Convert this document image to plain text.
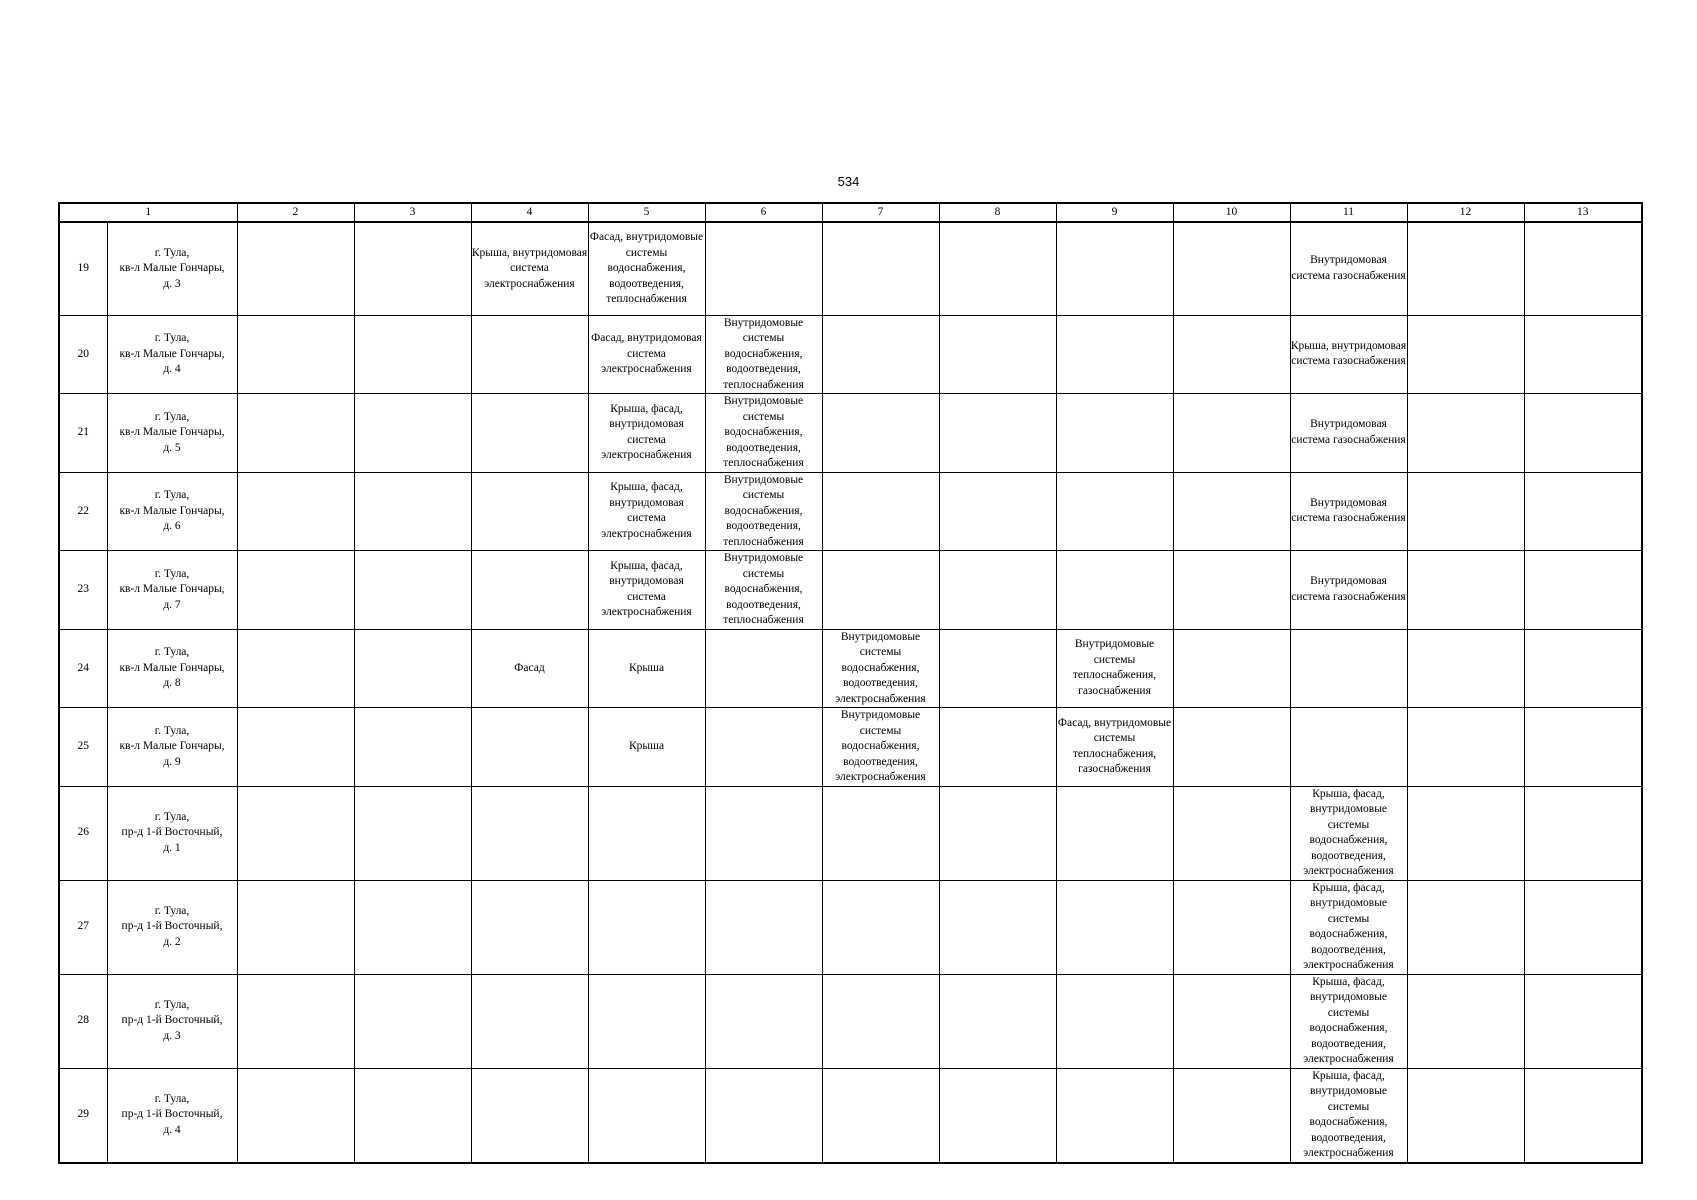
534
1		2	3	4	5	6	7	8	9	10	11	12	13
19	г. Тула,
кв-л Малые Гончары,
д. 3			Крыша, внутридомовая система электроснабжения	Фасад, внутридомовые системы водоснабжения, водоотведения, теплоснабжения						Внутридомовая система газоснабжения		

20	г. Тула,
кв-л Малые Гончары,
д. 4				Фасад, внутридомовая система электроснабжения	Внутридомовые системы водоснабжения, водоотведения, теплоснабжения					Крыша, внутридомовая система газоснабжения		

21	г. Тула,
кв-л Малые Гончары,
д. 5				Крыша, фасад, внутридомовая система электроснабжения	Внутридомовые системы водоснабжения, водоотведения, теплоснабжения					Внутридомовая система газоснабжения		

22	г. Тула,
кв-л Малые Гончары,
д. 6				Крыша, фасад, внутридомовая система электроснабжения	Внутридомовые системы водоснабжения, водоотведения, теплоснабжения					Внутридомовая система газоснабжения		

23	г. Тула,
кв-л Малые Гончары,
д. 7				Крыша, фасад, внутридомовая система электроснабжения	Внутридомовые системы водоснабжения, водоотведения, теплоснабжения					Внутридомовая система газоснабжения		

24	г. Тула,
кв-л Малые Гончары,
д. 8			Фасад	Крыша		Внутридомовые системы водоснабжения, водоотведения, электроснабжения		Внутридомовые системы теплоснабжения, газоснабжения				

25	г. Тула,
кв-л Малые Гончары,
д. 9				Крыша		Внутридомовые системы водоснабжения, водоотведения, электроснабжения		Фасад, внутридомовые системы теплоснабжения, газоснабжения				

26	г. Тула,
пр-д 1-й Восточный,
д. 1										Крыша, фасад, внутридомовые системы водоснабжения, водоотведения, электроснабжения		

27	г. Тула,
пр-д 1-й Восточный,
д. 2										Крыша, фасад, внутридомовые системы водоснабжения, водоотведения, электроснабжения		

28	г. Тула,
пр-д 1-й Восточный,
д. 3										Крыша, фасад, внутридомовые системы водоснабжения, водоотведения, электроснабжения		

29	г. Тула,
пр-д 1-й Восточный,
д. 4										Крыша, фасад, внутридомовые системы водоснабжения, водоотведения, электроснабжения		
